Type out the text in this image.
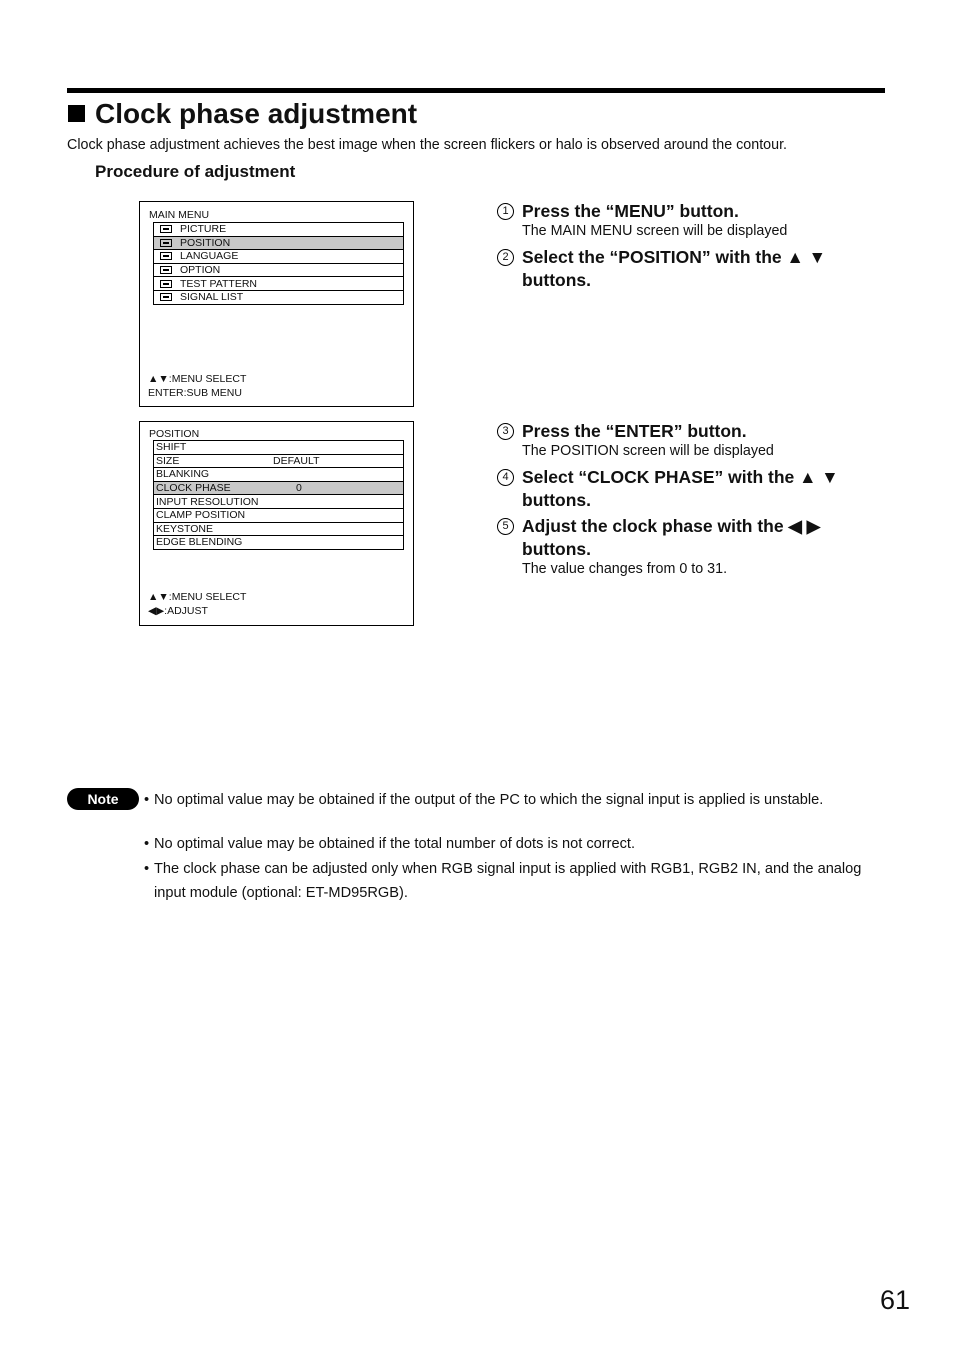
Clock phase adjustment
Clock phase adjustment achieves the best image when the screen flickers or halo is observed around the contour.
Procedure of adjustment
MAIN MENU
PICTURE
POSITION
LANGUAGE
OPTION
TEST PATTERN
SIGNAL LIST
▲▼:MENU SELECT
ENTER:SUB MENU
POSITION
SHIFT
SIZE	DEFAULT

BLANKING
CLOCK PHASE	0

INPUT RESOLUTION
CLAMP POSITION
KEYSTONE
EDGE BLENDING
▲▼:MENU SELECT
◀▶:ADJUST
1 Press the “MENU” button.
The MAIN MENU screen will be displayed
2 Select the “POSITION” with the ▲ ▼ buttons.
3 Press the “ENTER” button.
The POSITION screen will be displayed
4 Select “CLOCK PHASE” with the ▲ ▼ buttons.
5 Adjust the clock phase with the ◀ ▶ buttons.
The value changes from 0 to 31.
Note	• No optimal value may be obtained if the output of the PC to which the signal input is applied is unstable.
• No optimal value may be obtained if the total number of dots is not correct.
• The clock phase can be adjusted only when RGB signal input is applied with RGB1, RGB2 IN, and the analog input module (optional: ET-MD95RGB).
61
